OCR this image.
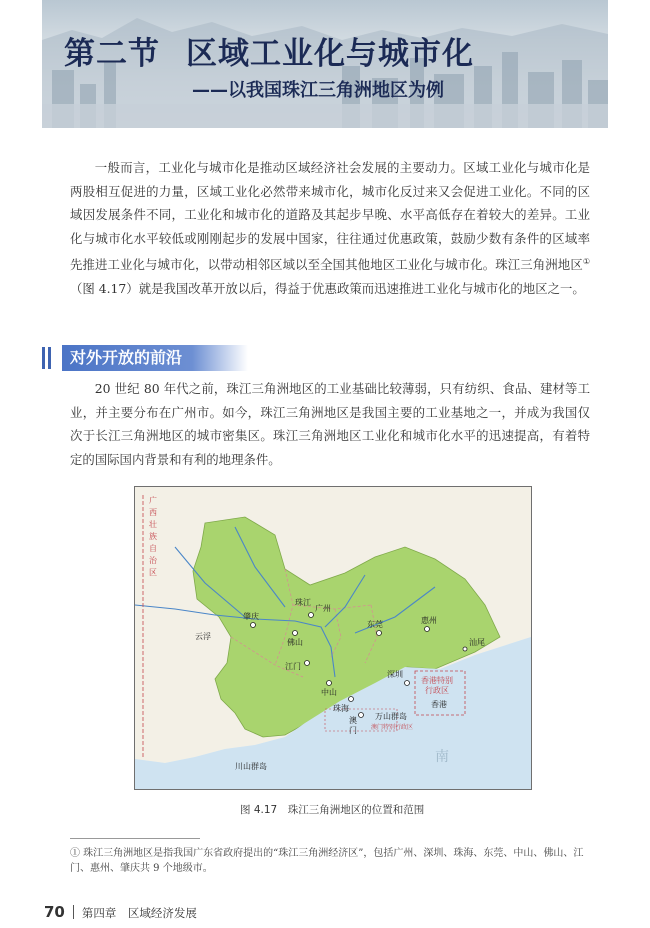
第二节 区域工业化与城市化
——以我国珠江三角洲地区为例
一般而言，工业化与城市化是推动区域经济社会发展的主要动力。区域工业化与城市化是两股相互促进的力量，区域工业化必然带来城市化，城市化反过来又会促进工业化。不同的区域因发展条件不同，工业化和城市化的道路及其起步早晚、水平高低存在着较大的差异。工业化与城市化水平较低或刚刚起步的发展中国家，往往通过优惠政策，鼓励少数有条件的区域率先推进工业化与城市化，以带动相邻区域以至全国其他地区工业化与城市化。珠江三角洲地区①（图 4.17）就是我国改革开放以后，得益于优惠政策而迅速推进工业化与城市化的地区之一。
对外开放的前沿
20 世纪 80 年代之前，珠江三角洲地区的工业基础比较薄弱，只有纺织、食品、建材等工业，并主要分布在广州市。如今，珠江三角洲地区是我国主要的工业基地之一，并成为我国仅次于长江三角洲地区的城市密集区。珠江三角洲地区工业化和城市化水平的迅速提高，有着特定的国际国内背景和有利的地理条件。
广
西
壮
族
自
治
区
珠江
肇庆
广州
佛山
东莞	惠州
江门
中山
深圳
香港特别
行政区
香港
珠海
澳
门
万山群岛
澳门特别行政区
川山群岛
汕尾
云浮
南
图 4.17　珠江三角洲地区的位置和范围
① 珠江三角洲地区是指我国广东省政府提出的“珠江三角洲经济区”，包括广州、深圳、珠海、东莞、中山、佛山、江门、惠州、肇庆共 9 个地级市。
70 第四章　区域经济发展
